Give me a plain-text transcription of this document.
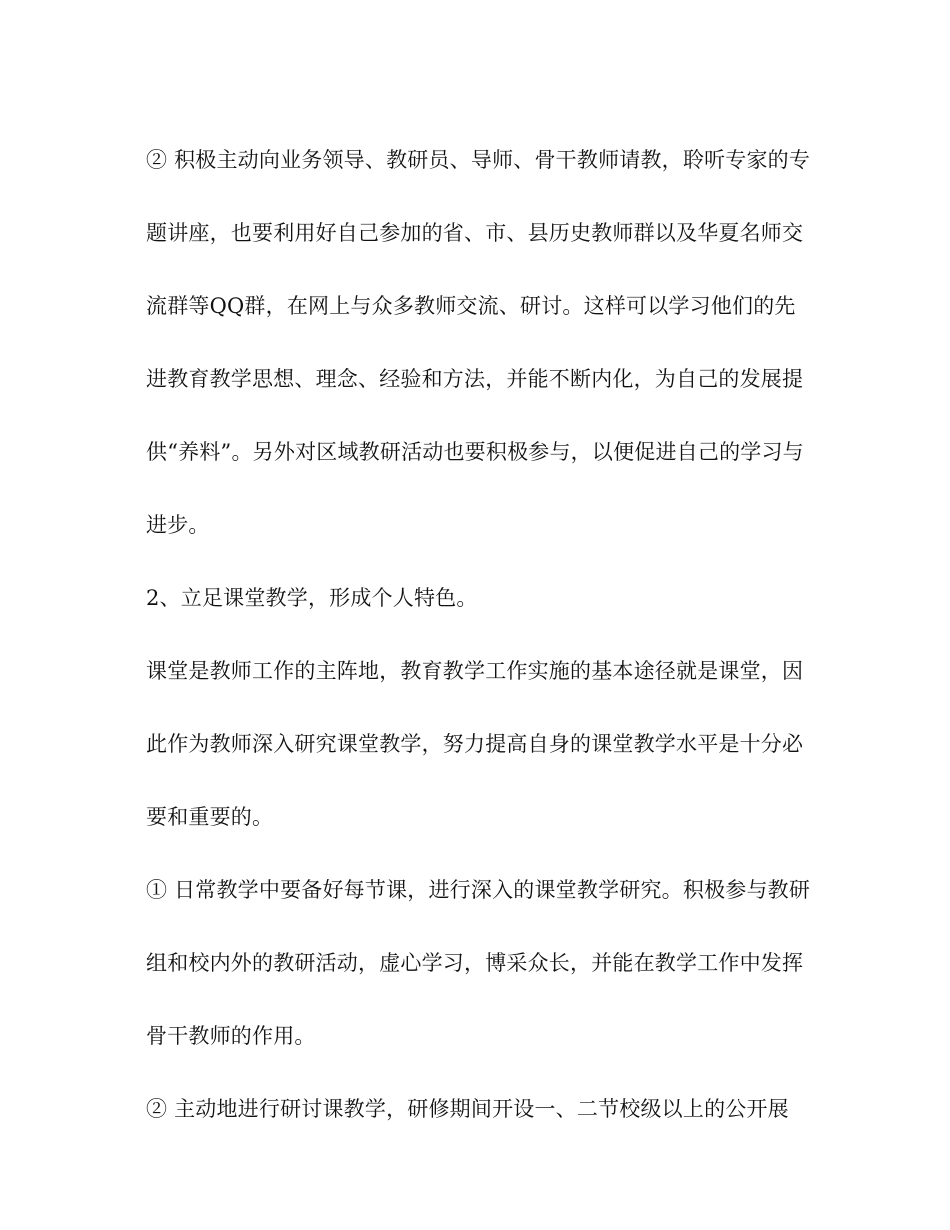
② 积极主动向业务领导、教研员、导师、骨干教师请教，聆听专家的专题讲座，也要利用好自己参加的省、市、县历史教师群以及华夏名师交流群等QQ群，在网上与众多教师交流、研讨。这样可以学习他们的先进教育教学思想、理念、经验和方法，并能不断内化，为自己的发展提供“养料”。另外对区域教研活动也要积极参与，以便促进自己的学习与进步。

2、立足课堂教学，形成个人特色。

课堂是教师工作的主阵地，教育教学工作实施的基本途径就是课堂，因此作为教师深入研究课堂教学，努力提高自身的课堂教学水平是十分必要和重要的。

① 日常教学中要备好每节课，进行深入的课堂教学研究。积极参与教研组和校内外的教研活动，虚心学习，博采众长，并能在教学工作中发挥骨干教师的作用。

② 主动地进行研讨课教学，研修期间开设一、二节校级以上的公开展
